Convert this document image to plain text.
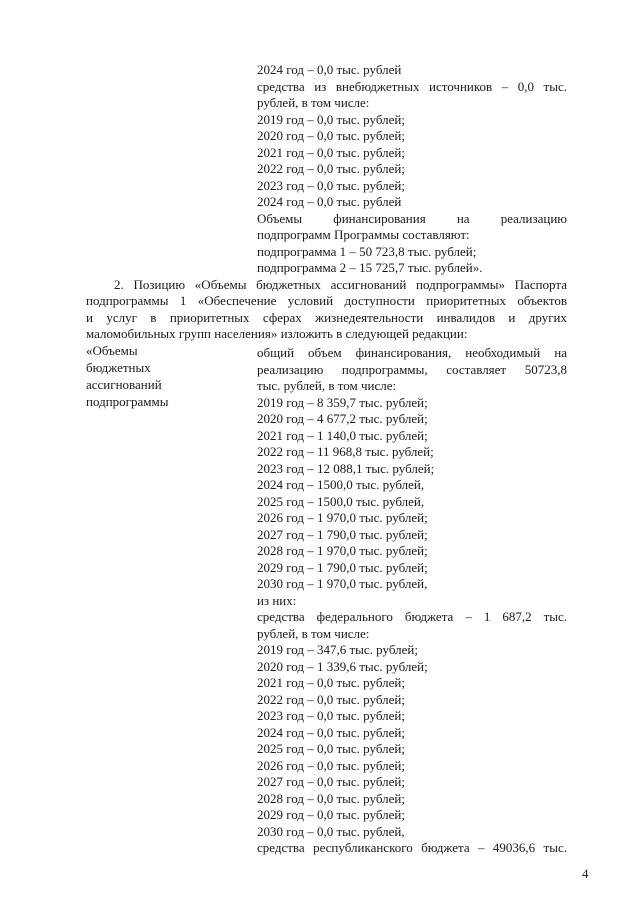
2024 год – 0,0 тыс. рублей
средства из внебюджетных источников – 0,0 тыс.
рублей, в том числе:
2019 год – 0,0 тыс. рублей;
2020 год – 0,0 тыс. рублей;
2021 год – 0,0 тыс. рублей;
2022 год – 0,0 тыс. рублей;
2023 год – 0,0 тыс. рублей;
2024 год – 0,0 тыс. рублей
Объемы финансирования на реализацию
подпрограмм Программы составляют:
подпрограмма 1 – 50 723,8 тыс. рублей;
подпрограмма 2 – 15 725,7 тыс. рублей».
2. Позицию «Объемы бюджетных ассигнований подпрограммы» Паспорта
подпрограммы 1 «Обеспечение условий доступности приоритетных объектов
и услуг в приоритетных сферах жизнедеятельности инвалидов и других
маломобильных групп населения» изложить в следующей редакции:
«Объемы
бюджетных
ассигнований
подпрограммы
общий объем финансирования, необходимый на
реализацию подпрограммы, составляет 50723,8
тыс. рублей, в том числе:
2019 год – 8 359,7 тыс. рублей;
2020 год – 4 677,2 тыс. рублей;
2021 год – 1 140,0 тыс. рублей;
2022 год – 11 968,8 тыс. рублей;
2023 год – 12 088,1 тыс. рублей;
2024 год – 1500,0 тыс. рублей,
2025 год – 1500,0 тыс. рублей,
2026 год – 1 970,0 тыс. рублей;
2027 год – 1 790,0 тыс. рублей;
2028 год – 1 970,0 тыс. рублей;
2029 год – 1 790,0 тыс. рублей;
2030 год – 1 970,0 тыс. рублей,
из них:
средства федерального бюджета – 1 687,2 тыс.
рублей, в том числе:
2019 год – 347,6 тыс. рублей;
2020 год – 1 339,6 тыс. рублей;
2021 год – 0,0 тыс. рублей;
2022 год – 0,0 тыс. рублей;
2023 год – 0,0 тыс. рублей;
2024 год – 0,0 тыс. рублей;
2025 год – 0,0 тыс. рублей;
2026 год – 0,0 тыс. рублей;
2027 год – 0,0 тыс. рублей;
2028 год – 0,0 тыс. рублей;
2029 год – 0,0 тыс. рублей;
2030 год – 0,0 тыс. рублей,
средства республиканского бюджета – 49036,6 тыс.
4
